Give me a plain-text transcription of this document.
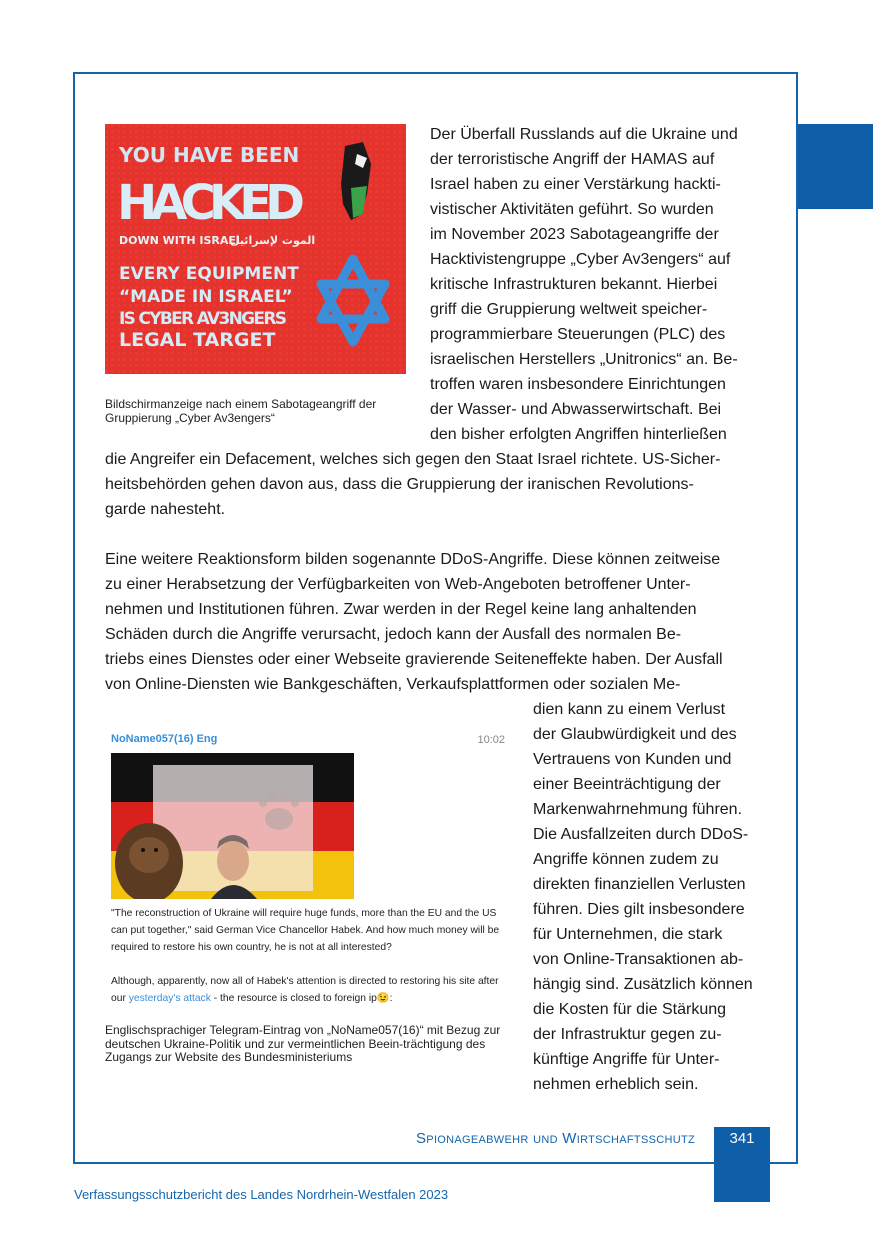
YOU HAVE BEEN
HACKED
DOWN WITH ISRAEL
الموت لإسرائيل
EVERY EQUIPMENT
“MADE IN ISRAEL”
IS CYBER AV3NGERS
LEGAL TARGET
Bildschirmanzeige nach einem Sabotageangriff der Gruppierung „Cyber Av3engers“
Der Überfall Russlands auf die Ukraine und
der terroristische Angriff der HAMAS auf
Israel haben zu einer Verstärkung hackti-
vistischer Aktivitäten geführt. So wurden
im November 2023 Sabotageangriffe der
Hacktivistengruppe „Cyber Av3engers“ auf
kritische Infrastrukturen bekannt. Hierbei
griff die Gruppierung weltweit speicher-
programmierbare Steuerungen (PLC) des
israelischen Herstellers „Unitronics“ an. Be-
troffen waren insbesondere Einrichtungen
der Wasser- und Abwasserwirtschaft. Bei
den bisher erfolgten Angriffen hinterließen
die Angreifer ein Defacement, welches sich gegen den Staat Israel richtete. US-Sicher-
heitsbehörden gehen davon aus, dass die Gruppierung der iranischen Revolutions-
garde nahesteht.
Eine weitere Reaktionsform bilden sogenannte DDoS-Angriffe. Diese können zeitweise
zu einer Herabsetzung der Verfügbarkeiten von Web-Angeboten betroffener Unter-
nehmen und Institutionen führen. Zwar werden in der Regel keine lang anhaltenden
Schäden durch die Angriffe verursacht, jedoch kann der Ausfall des normalen Be-
triebs eines Dienstes oder einer Webseite gravierende Seiteneffekte haben. Der Ausfall
von Online-Diensten wie Bankgeschäften, Verkaufsplattformen oder sozialen Me-
dien kann zu einem Verlust
der Glaubwürdigkeit und des
Vertrauens von Kunden und
einer Beeinträchtigung der
Markenwahrnehmung führen.
Die Ausfallzeiten durch DDoS-
Angriffe können zudem zu
direkten finanziellen Verlusten
führen. Dies gilt insbesondere
für Unternehmen, die stark
von Online-Transaktionen ab-
hängig sind. Zusätzlich können
die Kosten für die Stärkung
der Infrastruktur gegen zu-
künftige Angriffe für Unter-
nehmen erheblich sein.
NoName057(16) Eng	10:02
"The reconstruction of Ukraine will require huge funds, more than the EU and the US can put together," said German Vice Chancellor Habek. And how much money will be required to restore his own country, he is not at all interested?
Although, apparently, now all of Habek's attention is directed to restoring his site after our yesterday's attack - the resource is closed to foreign ip😉:
Englischsprachiger Telegram-Eintrag von „NoName057(16)“ mit Bezug zur deutschen Ukraine-Politik und zur vermeintlichen Beein-trächtigung des Zugangs zur Website des Bundesministeriums
Spionageabwehr und Wirtschaftsschutz	341
Verfassungsschutzbericht des Landes Nordrhein-Westfalen 2023
